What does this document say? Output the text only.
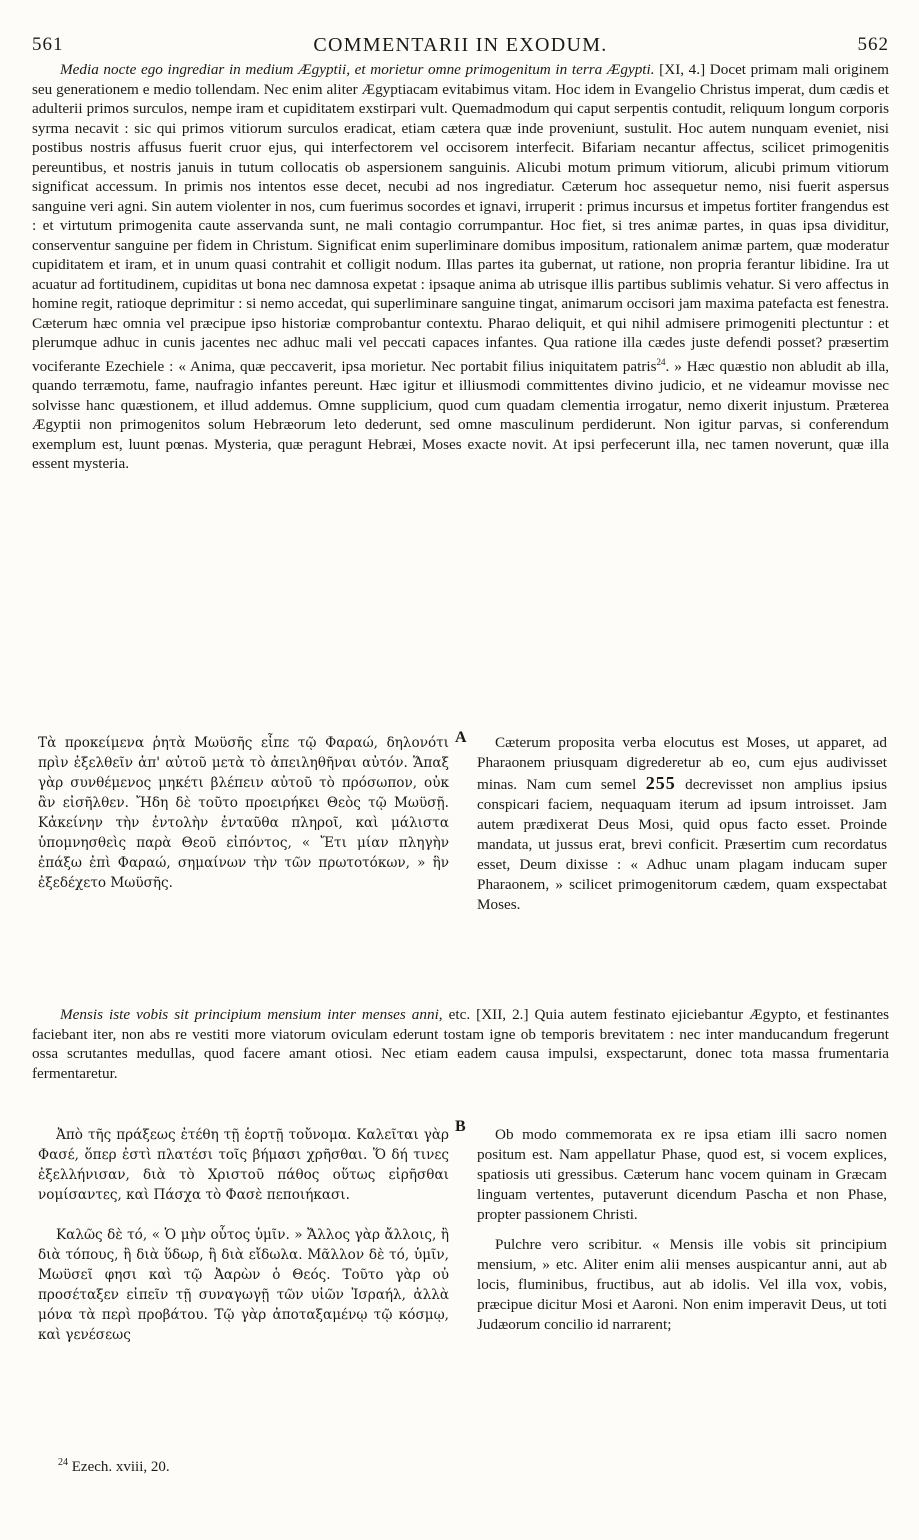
561	COMMENTARII IN EXODUM.	562

Media nocte ego ingrediar in medium Ægyptii, et morietur omne primogenitum in terra Ægypti. [XI, 4.] Docet primam mali originem seu generationem e medio tollendam. Nec enim aliter Ægyptiacam evitabimus vitam. Hoc idem in Evangelio Christus imperat, dum cædis et adulterii primos surculos, nempe iram et cupiditatem exstirpari vult. Quemadmodum qui caput serpentis contudit, reliquum longum corporis syrma necavit : sic qui primos vitiorum surculos eradicat, etiam cætera quæ inde proveniunt, sustulit. Hoc autem nunquam eveniet, nisi postibus nostris affusus fuerit cruor ejus, qui interfectorem vel occisorem interfecit. Bifariam necantur affectus, scilicet primogenitis pereuntibus, et nostris januis in tutum collocatis ob aspersionem sanguinis. Alicubi motum primum vitiorum, alicubi primum vitiorum significat accessum. In primis nos intentos esse decet, necubi ad nos ingrediatur. Cæterum hoc assequetur nemo, nisi fuerit aspersus sanguine veri agni. Sin autem violenter in nos, cum fuerimus socordes et ignavi, irruperit : primus incursus et impetus fortiter frangendus est : et virtutum primogenita caute asservanda sunt, ne mali contagio corrumpantur. Hoc fiet, si tres animæ partes, in quas ipsa dividitur, conserventur sanguine per fidem in Christum. Significat enim superliminare domibus impositum, rationalem animæ partem, quæ moderatur cupiditatem et iram, et in unum quasi contrahit et colligit nodum. Illas partes ita gubernat, ut ratione, non propria ferantur libidine. Ira ut acuatur ad fortitudinem, cupiditas ut bona nec damnosa expetat : ipsaque anima ab utrisque illis partibus sublimis vehatur. Si vero affectus in homine regit, ratioque deprimitur : si nemo accedat, qui superliminare sanguine tingat, animarum occisori jam maxima patefacta est fenestra. Cæterum hæc omnia vel præcipue ipso historiæ comprobantur contextu. Pharao deliquit, et qui nihil admisere primogeniti plectuntur : et plerumque adhuc in cunis jacentes nec adhuc mali vel peccati capaces infantes. Qua ratione illa cædes juste defendi posset? præsertim vociferante Ezechiele : « Anima, quæ peccaverit, ipsa morietur. Nec portabit filius iniquitatem patris$^{24}$. » Hæc quæstio non abludit ab illa, quando terræmotu, fame, naufragio infantes pereunt. Hæc igitur et illiusmodi committentes divino judicio, et ne videamur movisse nec solvisse hanc quæstionem, et illud addemus. Omne supplicium, quod cum quadam clementia irrogatur, nemo dixerit injustum. Præterea Ægyptii non primogenitos solum Hebræorum leto dederunt, sed omne masculinum perdiderunt. Non igitur parvas, si conferendum exemplum est, luunt pœnas. Mysteria, quæ peragunt Hebræi, Moses exacte novit. At ipsi perfecerunt illa, nec tamen noverunt, quæ illa essent mysteria.

Τὰ προκείμενα ῥητὰ Μωϋσῆς εἶπε τῷ Φαραώ, δηλονότι πρὶν ἐξελθεῖν ἀπ' αὐτοῦ μετὰ τὸ ἀπειληθῆναι αὐτόν. Ἅπαξ γὰρ συνθέμενος μηκέτι βλέπειν αὐτοῦ τὸ πρόσωπον, οὐκ ἂν εἰσῆλθεν. Ἤδη δὲ τοῦτο προειρήκει Θεὸς τῷ Μωϋσῇ. Κἀκείνην τὴν ἐντολὴν ἐνταῦθα πληροῖ, καὶ μάλιστα ὑπομνησθεὶς παρὰ Θεοῦ εἰπόντος, « Ἔτι μίαν πληγὴν ἐπάξω ἐπὶ Φαραώ, σημαίνων τὴν τῶν πρωτοτόκων, » ἣν ἐξεδέχετο Μωϋσῆς.

A	Cæterum proposita verba elocutus est Moses, ut apparet, ad Pharaonem priusquam digrederetur ab eo, cum ejus audivisset minas. Nam cum semel 255 decrevisset non amplius ipsius conspicari faciem, nequaquam iterum ad ipsum introisset. Jam autem prædixerat Deus Mosi, quid opus facto esset. Proinde mandata, ut jussus erat, brevi conficit. Præsertim cum recordatus esset, Deum dixisse : « Adhuc unam plagam inducam super Pharaonem, » scilicet primogenitorum cædem, quam exspectabat Moses.

Mensis iste vobis sit principium mensium inter menses anni, etc. [XII, 2.] Quia autem festinato ejiciebantur Ægypto, et festinantes faciebant iter, non abs re vestiti more viatorum oviculam ederunt tostam igne ob temporis brevitatem : nec inter manducandum fregerunt ossa scrutantes medullas, quod facere amant otiosi. Nec etiam eadem causa impulsi, exspectarunt, donec tota massa frumentaria fermentaretur.

Ἀπὸ τῆς πράξεως ἐτέθη τῇ ἑορτῇ τοὔνομα. Καλεῖται γὰρ Φασέ, ὅπερ ἐστὶ πλατέσι τοῖς βήμασι χρῆσθαι. Ὅ δή τινες ἐξελλήνισαν, διὰ τὸ Χριστοῦ πάθος οὕτως εἰρῆσθαι νομίσαντες, καὶ Πάσχα τὸ Φασὲ πεποιήκασι.

Καλῶς δὲ τό, « Ὁ μὴν οὗτος ὑμῖν. » Ἄλλος γὰρ ἄλλοις, ἢ διὰ τόπους, ἢ διὰ ὕδωρ, ἢ διὰ εἴδωλα. Μᾶλλον δὲ τό, ὑμῖν, Μωϋσεῖ φησι καὶ τῷ Ἀαρὼν ὁ Θεός. Τοῦτο γὰρ οὐ προσέταξεν εἰπεῖν τῇ συναγωγῇ τῶν υἱῶν Ἰσραήλ, ἀλλὰ μόνα τὰ περὶ προβάτου. Τῷ γὰρ ἀποταξαμένῳ τῷ κόσμῳ, καὶ γενέσεως

B	Ob modo commemorata ex re ipsa etiam illi sacro nomen positum est. Nam appellatur Phase, quod est, si vocem explices, spatiosis uti gressibus. Cæterum hanc vocem quinam in Græcam linguam vertentes, putaverunt dicendum Pascha et non Phase, propter passionem Christi.

Pulchre vero scribitur. « Mensis ille vobis sit principium mensium, » etc. Aliter enim alii menses auspicantur anni, aut ab locis, fluminibus, fructibus, aut ab idolis. Vel illa vox, vobis, præcipue dicitur Mosi et Aaroni. Non enim imperavit Deus, ut toti Judæorum concilio id narrarent;

$^{24}$ Ezech. xviii, 20.
